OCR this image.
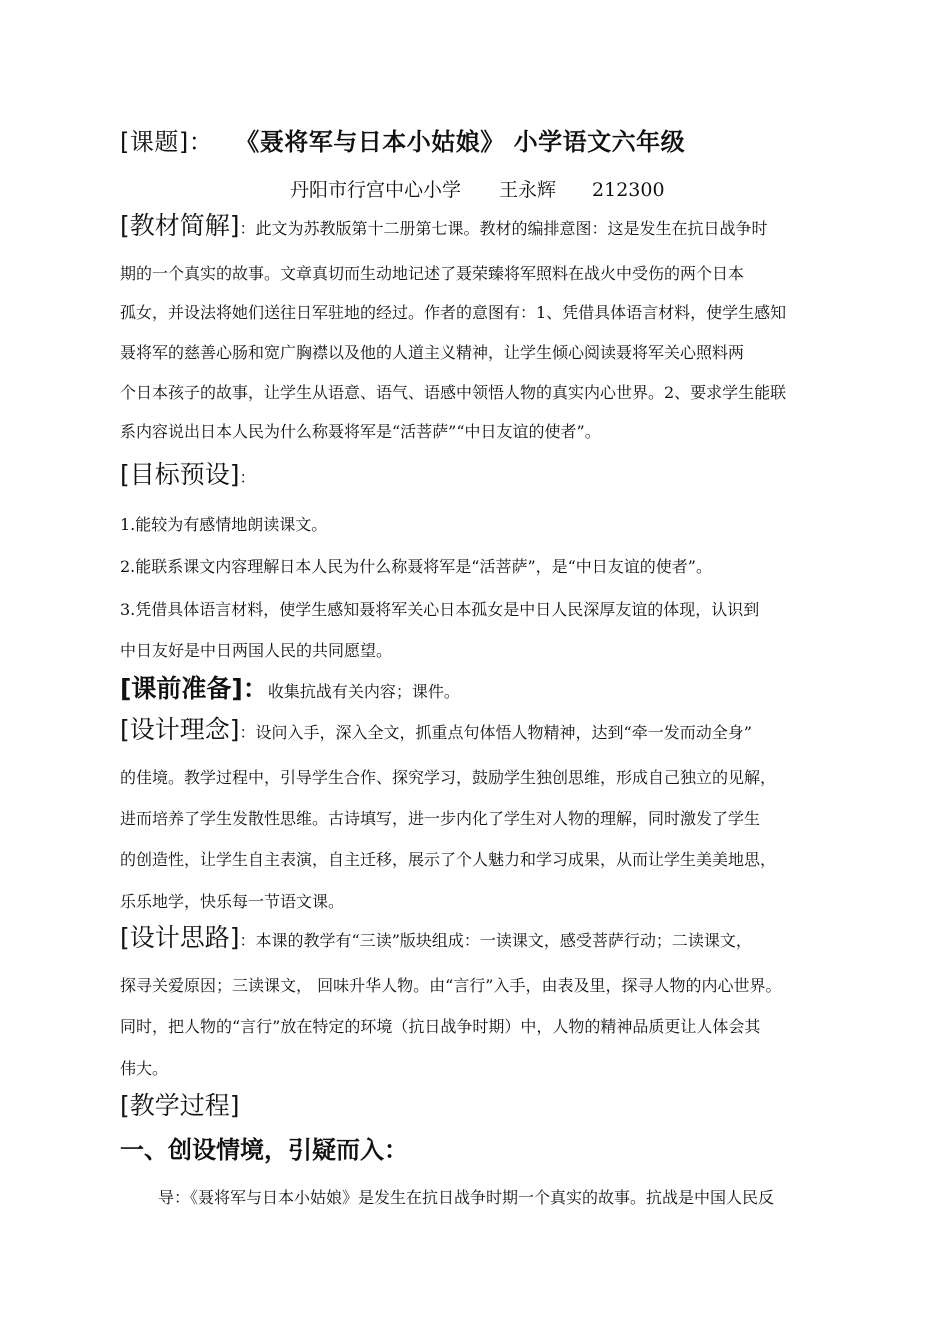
[课题]： 《聂将军与日本小姑娘》 小学语文六年级
丹阳市行宫中心小学 王永辉 212300
[教材简解]：此文为苏教版第十二册第七课。教材的编排意图：这是发生在抗日战争时
期的一个真实的故事。文章真切而生动地记述了聂荣臻将军照料在战火中受伤的两个日本
孤女，并设法将她们送往日军驻地的经过。作者的意图有：1、凭借具体语言材料，使学生感知
聂将军的慈善心肠和宽广胸襟以及他的人道主义精神，让学生倾心阅读聂将军关心照料两
个日本孩子的故事，让学生从语意、语气、语感中领悟人物的真实内心世界。2、要求学生能联
系内容说出日本人民为什么称聂将军是“活菩萨”“中日友谊的使者”。
[目标预设]：
1.能较为有感情地朗读课文。
2.能联系课文内容理解日本人民为什么称聂将军是“活菩萨”，是“中日友谊的使者”。
3.凭借具体语言材料，使学生感知聂将军关心日本孤女是中日人民深厚友谊的体现，认识到
中日友好是中日两国人民的共同愿望。
[课前准备]：收集抗战有关内容；课件。
[设计理念]：设问入手，深入全文，抓重点句体悟人物精神，达到“牵一发而动全身”
的佳境。教学过程中，引导学生合作、探究学习，鼓励学生独创思维，形成自己独立的见解，
进而培养了学生发散性思维。古诗填写，进一步内化了学生对人物的理解，同时激发了学生
的创造性，让学生自主表演，自主迁移，展示了个人魅力和学习成果，从而让学生美美地思，
乐乐地学，快乐每一节语文课。
[设计思路]：本课的教学有“三读”版块组成：一读课文，感受菩萨行动；二读课文，
探寻关爱原因；三读课文， 回味升华人物。由“言行”入手，由表及里，探寻人物的内心世界。
同时，把人物的“言行”放在特定的环境（抗日战争时期）中，人物的精神品质更让人体会其
伟大。
[教学过程]
一、创设情境，引疑而入：
导：《聂将军与日本小姑娘》是发生在抗日战争时期一个真实的故事。抗战是中国人民反
